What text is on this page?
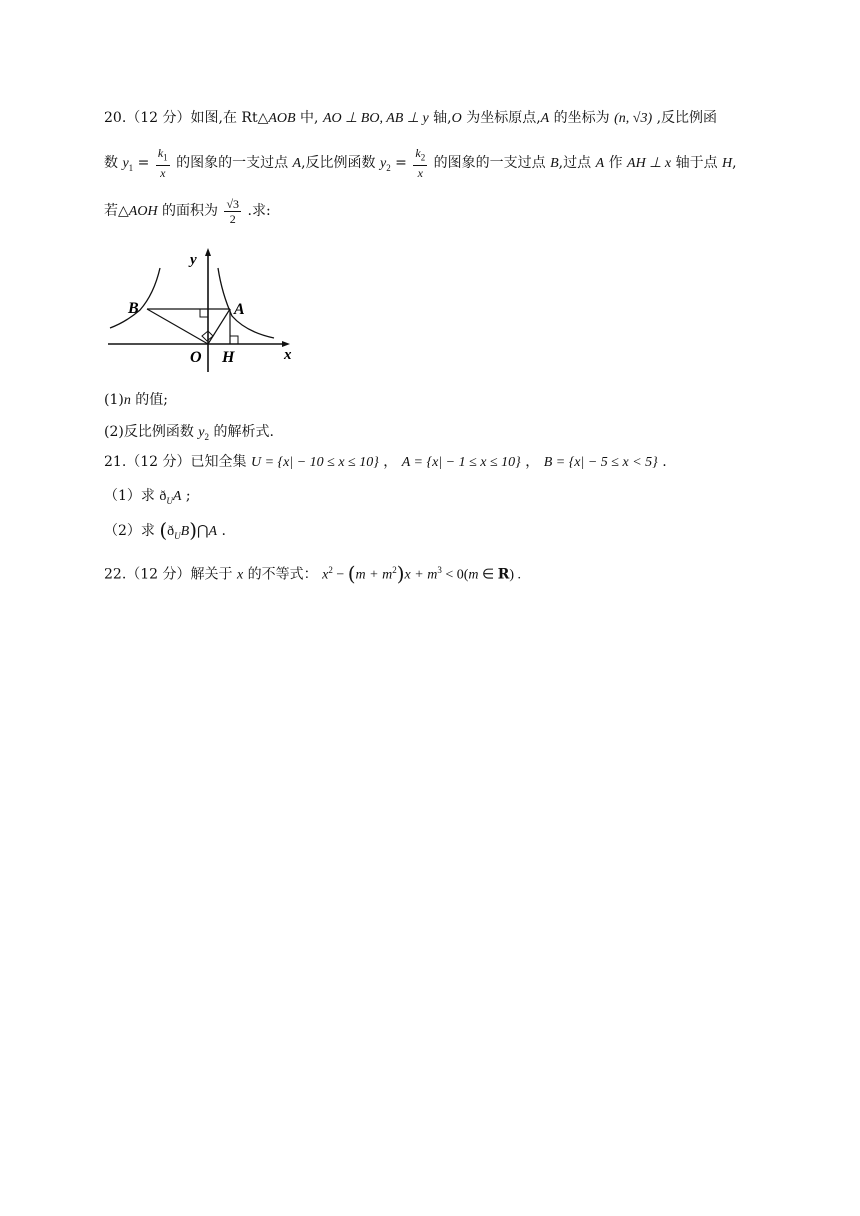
20.（12 分）如图,在 Rt△AOB 中, AO ⊥ BO, AB ⊥ y 轴,O 为坐标原点,A 的坐标为 (n, √3) ,反比例函
数 $y_1 = \frac{k_1}{x}$ 的图象的一支过点 A,反比例函数 $y_2 = \frac{k_2}{x}$ 的图象的一支过点 B,过点 A 作 AH ⊥ x 轴于点 H,
若△AOH 的面积为 $\frac{√3}{2}$ .求:
y
x
B	A
O H
(1)n 的值;
(2)反比例函数 $y_2$ 的解析式.
21.（12 分）已知全集 U = {x| − 10 ≤ x ≤ 10} ， A = {x| − 1 ≤ x ≤ 10} ， B = {x| − 5 ≤ x < 5} .
（1）求 $ð_UA$ ;
（2）求 $(ð_UB)⋂A$ .
22.（12 分）解关于 x 的不等式： $x^2 - (m + m^2)x + m^3 < 0(m$ ∈ R) .
